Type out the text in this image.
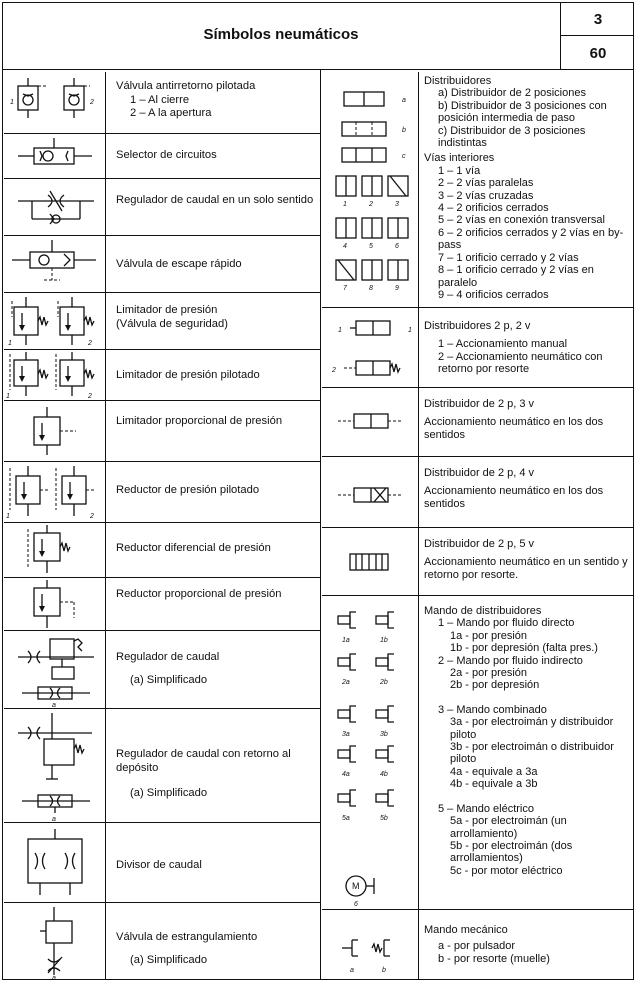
Símbolos neumáticos
3
60
1	2
Válvula antirretorno pilotada
1 – Al cierre
2 – A la apertura
Selector de circuitos
Regulador de caudal en un solo sentido
Válvula de escape rápido
1	2
Limitador de presión
(Válvula de seguridad)
1	2
Limitador de presión pilotado
Limitador proporcional de presión
1	2
Reductor de presión pilotado
Reductor diferencial de presión
Reductor proporcional de presión
a
Regulador de caudal
(a) Simplificado
a
Regulador de caudal con retorno al depósito
(a) Simplificado
Divisor de caudal
a
Válvula de estrangulamiento
(a) Simplificado
a
b
c
1	2	3
4	5	6
7	8	9
Distribuidores
a) Distribuidor de 2 posiciones
b) Distribuidor de 3 posiciones con posición intermedia de paso
c) Distribuidor de 3 posiciones indistintas
Vías interiores
1 – 1 vía
2 – 2 vías paralelas
3 – 2 vías cruzadas
4 – 2 orificios cerrados
5 – 2 vías en conexión transversal
6 – 2 orificios cerrados y 2 vías en by-pass
7 – 1 orificio cerrado y 2 vías
8 – 1 orificio cerrado y 2 vías en paralelo
9 – 4 orificios cerrados
1	1
2
Distribuidores 2 p, 2 v
1 – Accionamiento manual
2 – Accionamiento neumático con retorno por resorte
Distribuidor de 2 p, 3 v
Accionamiento neumático en los dos sentidos
Distribuidor de 2 p, 4 v
Accionamiento neumático en los dos sentidos
Distribuidor de 2 p, 5 v
Accionamiento neumático en un sentido y retorno por resorte.
1a	1b
2a	2b
3a	3b
4a	4b
5a	5b
6
M
Mando de distribuidores
1 – Mando por fluido directo
1a - por presión
1b - por depresión (falta pres.)
2 – Mando por fluido indirecto
2a - por presión
2b - por depresión
3 – Mando combinado
3a - por electroimán y distribuidor piloto
3b - por electroimán o distribuidor piloto
4a - equivale a 3a
4b - equivale a 3b
5 – Mando eléctrico
5a - por electroimán (un arrollamiento)
5b - por electroimán (dos arrollamientos)
5c - por motor eléctrico
a	b
Mando mecánico
a - por pulsador
b - por resorte (muelle)
